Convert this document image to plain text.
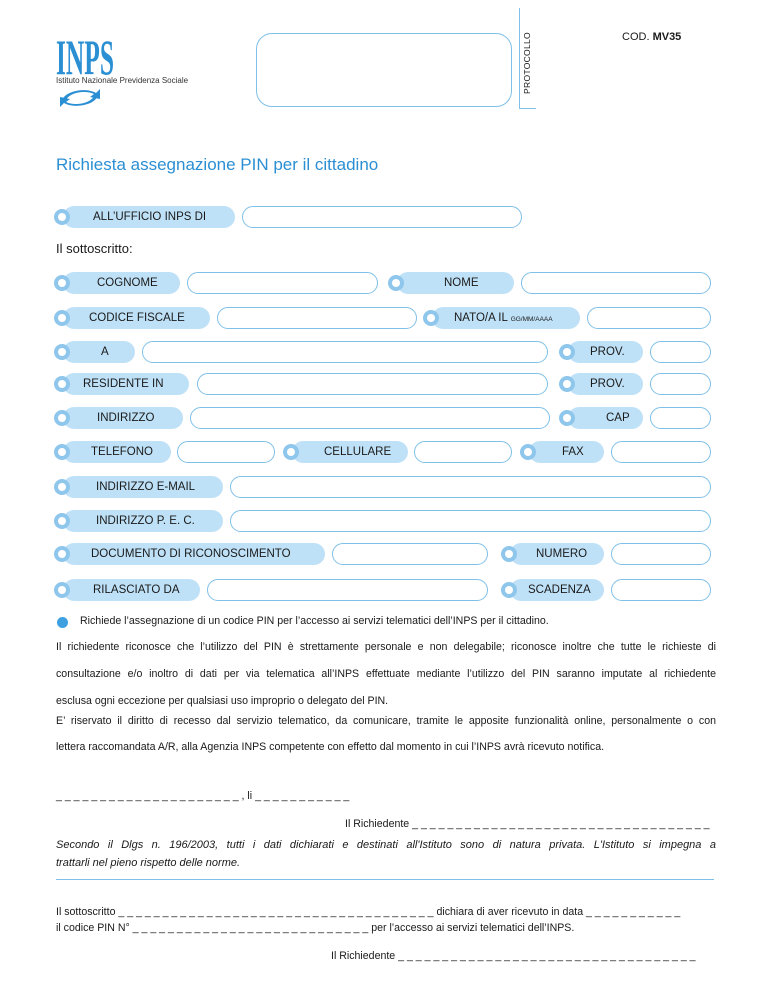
INPS
Istituto Nazionale Previdenza Sociale	PROTOCOLLO	COD. MV35
Richiesta assegnazione PIN per il cittadino
ALL’UFFICIO INPS DI
Il sottoscritto:
COGNOME	NOME
CODICE FISCALE	NATO/A IL GG/MM/AAAA
A	PROV.
RESIDENTE IN	PROV.
INDIRIZZO	CAP
TELEFONO	CELLULARE	FAX
INDIRIZZO E-MAIL
INDIRIZZO P. E. C.
DOCUMENTO DI RICONOSCIMENTO	NUMERO
RILASCIATO DA	SCADENZA
Richiede l’assegnazione di un codice PIN per l’accesso ai servizi telematici dell’INPS per il cittadino.
Il richiedente riconosce che l’utilizzo del PIN è strettamente personale e non delegabile; riconosce inoltre che tutte le richieste di
consultazione e/o inoltro di dati per via telematica all’INPS effettuate mediante l’utilizzo del PIN saranno imputate al richiedente
esclusa ogni eccezione per qualsiasi uso improprio o delegato del PIN.
E’ riservato il diritto di recesso dal servizio telematico, da comunicare, tramite le apposite funzionalità online, personalmente o con
lettera raccomandata A/R, alla Agenzia INPS competente con effetto dal momento in cui l’INPS avrà ricevuto notifica.
_ _ _ _ _ _ _ _ _ _ _ _ _ _ _ _ _ _ _ _ _ , li _ _ _ _ _ _ _ _ _ _ _
Il Richiedente _ _ _ _ _ _ _ _ _ _ _ _ _ _ _ _ _ _ _ _ _ _ _ _ _ _ _ _ _ _ _ _ _ _
Secondo il Dlgs n. 196/2003, tutti i dati dichiarati e destinati all'Istituto sono di natura privata. L'Istituto si impegna a
trattarli nel pieno rispetto delle norme.
Il sottoscritto _ _ _ _ _ _ _ _ _ _ _ _ _ _ _ _ _ _ _ _ _ _ _ _ _ _ _ _ _ _ _ _ _ _ _ _ dichiara di aver ricevuto in data _ _ _ _ _ _ _ _ _ _ _
il codice PIN N° _ _ _ _ _ _ _ _ _ _ _ _ _ _ _ _ _ _ _ _ _ _ _ _ _ _ _ per l’accesso ai servizi telematici dell’INPS.
Il Richiedente _ _ _ _ _ _ _ _ _ _ _ _ _ _ _ _ _ _ _ _ _ _ _ _ _ _ _ _ _ _ _ _ _ _
